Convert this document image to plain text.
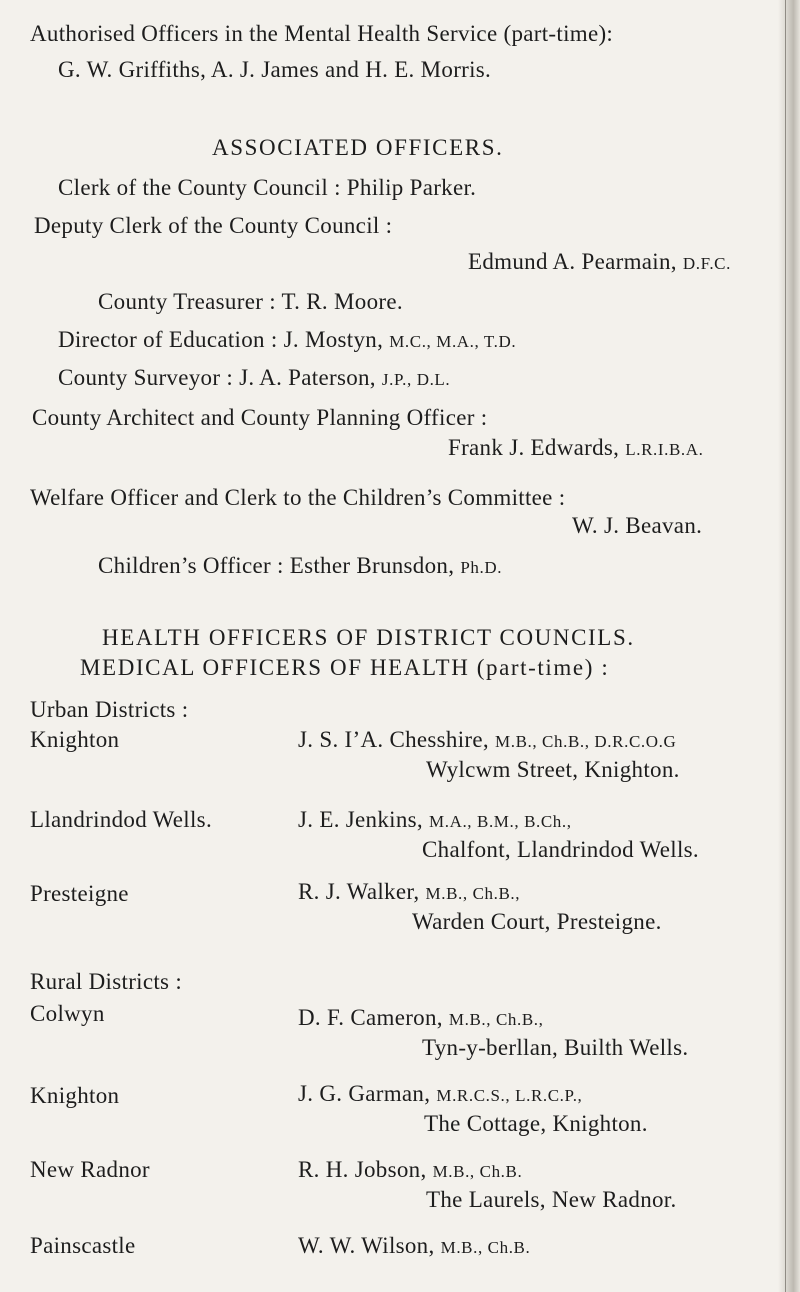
Authorised Officers in the Mental Health Service (part-time):
G. W. Griffiths, A. J. James and H. E. Morris.
ASSOCIATED OFFICERS.
Clerk of the County Council : Philip Parker.
Deputy Clerk of the County Council :
Edmund A. Pearmain, D.F.C.
County Treasurer : T. R. Moore.
Director of Education : J. Mostyn, M.C., M.A., T.D.
County Surveyor : J. A. Paterson, J.P., D.L.
County Architect and County Planning Officer :
Frank J. Edwards, L.R.I.B.A.
Welfare Officer and Clerk to the Children’s Committee :
W. J. Beavan.
Children’s Officer : Esther Brunsdon, Ph.D.
HEALTH OFFICERS OF DISTRICT COUNCILS.
MEDICAL OFFICERS OF HEALTH (part-time) :
Urban Districts :
Knighton	J. S. I’A. Chesshire, M.B., Ch.B., D.R.C.O.G
Wylcwm Street, Knighton.
Llandrindod Wells.	J. E. Jenkins, M.A., B.M., B.Ch.,
Chalfont, Llandrindod Wells.
Presteigne	R. J. Walker, M.B., Ch.B.,
Warden Court, Presteigne.
Rural Districts :
Colwyn	D. F. Cameron, M.B., Ch.B.,
Tyn-y-berllan, Builth Wells.
Knighton	J. G. Garman, M.R.C.S., L.R.C.P.,
The Cottage, Knighton.
New Radnor	R. H. Jobson, M.B., Ch.B.
The Laurels, New Radnor.
Painscastle	W. W. Wilson, M.B., Ch.B.
